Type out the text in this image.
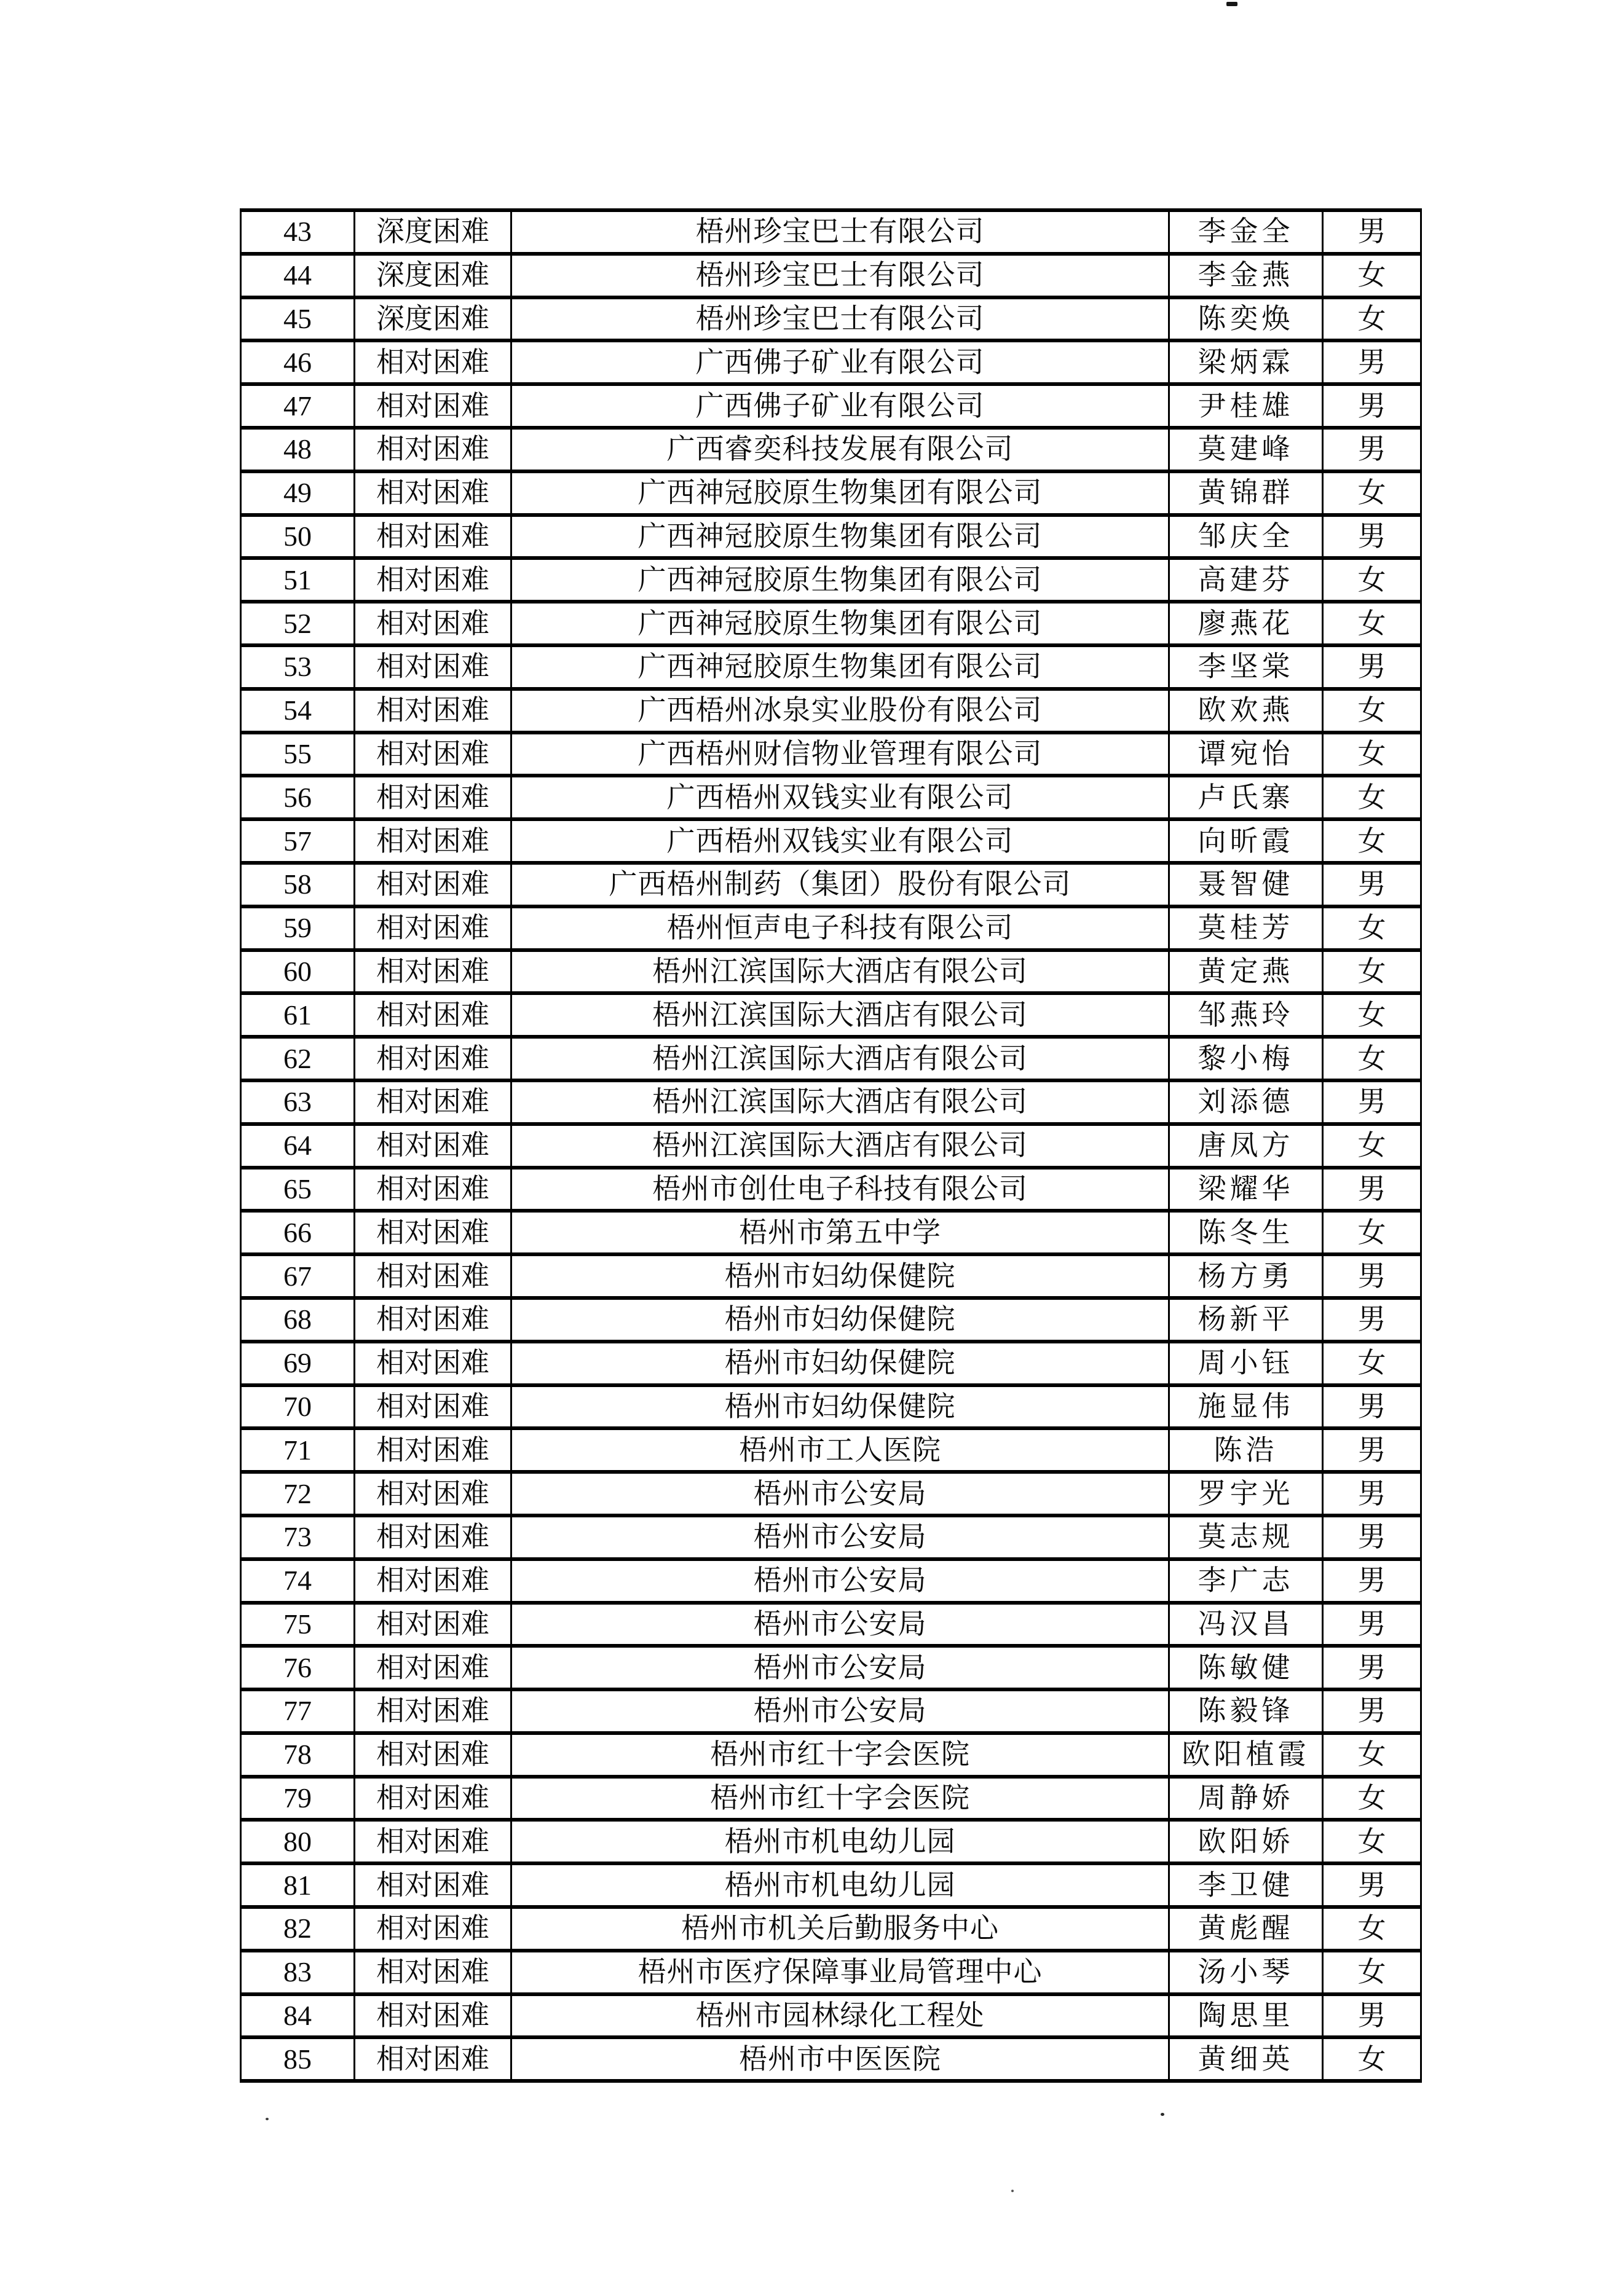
43	深度困难	梧州珍宝巴士有限公司	李金全	男
44	深度困难	梧州珍宝巴士有限公司	李金燕	女
45	深度困难	梧州珍宝巴士有限公司	陈奕焕	女
46	相对困难	广西佛子矿业有限公司	梁炳霖	男
47	相对困难	广西佛子矿业有限公司	尹桂雄	男
48	相对困难	广西睿奕科技发展有限公司	莫建峰	男
49	相对困难	广西神冠胶原生物集团有限公司	黄锦群	女
50	相对困难	广西神冠胶原生物集团有限公司	邹庆全	男
51	相对困难	广西神冠胶原生物集团有限公司	高建芬	女
52	相对困难	广西神冠胶原生物集团有限公司	廖燕花	女
53	相对困难	广西神冠胶原生物集团有限公司	李坚棠	男
54	相对困难	广西梧州冰泉实业股份有限公司	欧欢燕	女
55	相对困难	广西梧州财信物业管理有限公司	谭宛怡	女
56	相对困难	广西梧州双钱实业有限公司	卢氏寨	女
57	相对困难	广西梧州双钱实业有限公司	向昕霞	女
58	相对困难	广西梧州制药（集团）股份有限公司	聂智健	男
59	相对困难	梧州恒声电子科技有限公司	莫桂芳	女
60	相对困难	梧州江滨国际大酒店有限公司	黄定燕	女
61	相对困难	梧州江滨国际大酒店有限公司	邹燕玲	女
62	相对困难	梧州江滨国际大酒店有限公司	黎小梅	女
63	相对困难	梧州江滨国际大酒店有限公司	刘添德	男
64	相对困难	梧州江滨国际大酒店有限公司	唐凤方	女
65	相对困难	梧州市创仕电子科技有限公司	梁耀华	男
66	相对困难	梧州市第五中学	陈冬生	女
67	相对困难	梧州市妇幼保健院	杨方勇	男
68	相对困难	梧州市妇幼保健院	杨新平	男
69	相对困难	梧州市妇幼保健院	周小钰	女
70	相对困难	梧州市妇幼保健院	施显伟	男
71	相对困难	梧州市工人医院	陈浩	男
72	相对困难	梧州市公安局	罗宇光	男
73	相对困难	梧州市公安局	莫志规	男
74	相对困难	梧州市公安局	李广志	男
75	相对困难	梧州市公安局	冯汉昌	男
76	相对困难	梧州市公安局	陈敏健	男
77	相对困难	梧州市公安局	陈毅锋	男
78	相对困难	梧州市红十字会医院	欧阳植霞	女
79	相对困难	梧州市红十字会医院	周静娇	女
80	相对困难	梧州市机电幼儿园	欧阳娇	女
81	相对困难	梧州市机电幼儿园	李卫健	男
82	相对困难	梧州市机关后勤服务中心	黄彪醒	女
83	相对困难	梧州市医疗保障事业局管理中心	汤小琴	女
84	相对困难	梧州市园林绿化工程处	陶思里	男
85	相对困难	梧州市中医医院	黄细英	女
